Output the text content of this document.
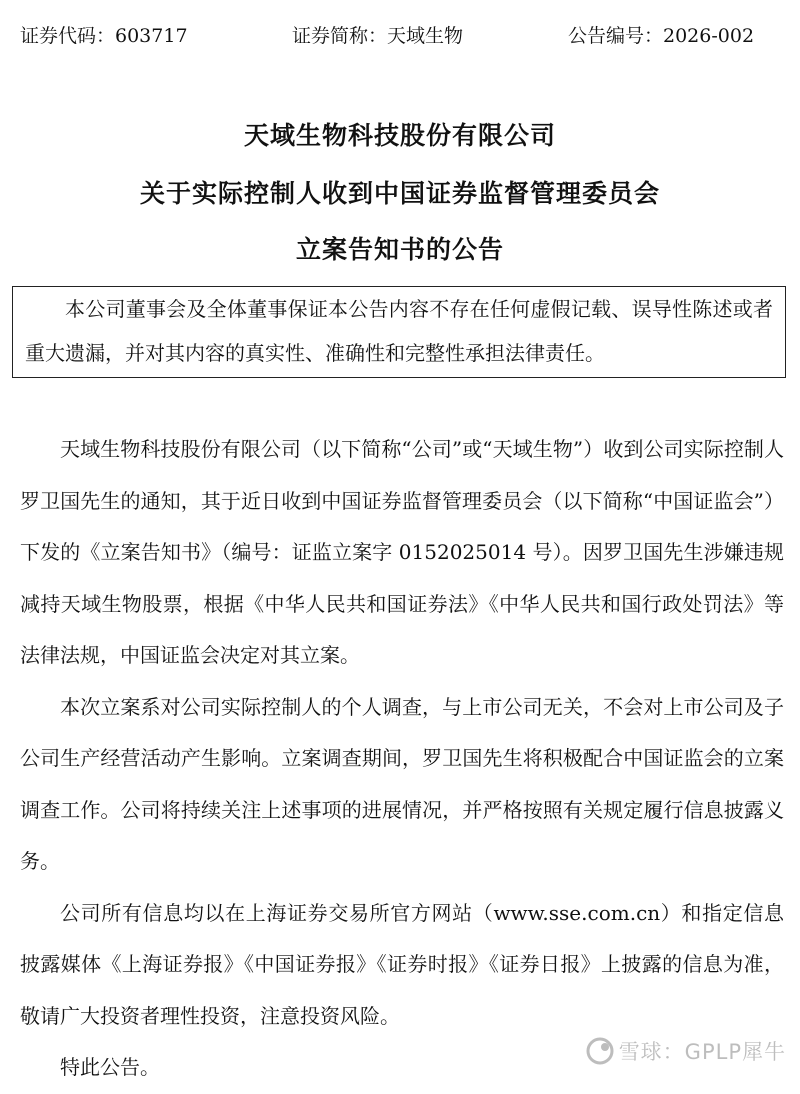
证券代码：603717	证券简称：天域生物	公告编号：2026-002
天域生物科技股份有限公司
关于实际控制人收到中国证券监督管理委员会
立案告知书的公告

本公司董事会及全体董事保证本公告内容不存在任何虚假记载、误导性陈述或者重大遗漏，并对其内容的真实性、准确性和完整性承担法律责任。

天域生物科技股份有限公司（以下简称“公司”或“天域生物”）收到公司实际控制人罗卫国先生的通知，其于近日收到中国证券监督管理委员会（以下简称“中国证监会”）下发的《立案告知书》（编号：证监立案字 0152025014 号）。因罗卫国先生涉嫌违规减持天域生物股票，根据《中华人民共和国证券法》《中华人民共和国行政处罚法》等法律法规，中国证监会决定对其立案。

本次立案系对公司实际控制人的个人调查，与上市公司无关，不会对上市公司及子公司生产经营活动产生影响。立案调查期间，罗卫国先生将积极配合中国证监会的立案调查工作。公司将持续关注上述事项的进展情况，并严格按照有关规定履行信息披露义务。

公司所有信息均以在上海证券交易所官方网站（www.sse.com.cn）和指定信息披露媒体《上海证券报》《中国证券报》《证券时报》《证券日报》上披露的信息为准，敬请广大投资者理性投资，注意投资风险。

特此公告。

雪球：GPLP犀牛
